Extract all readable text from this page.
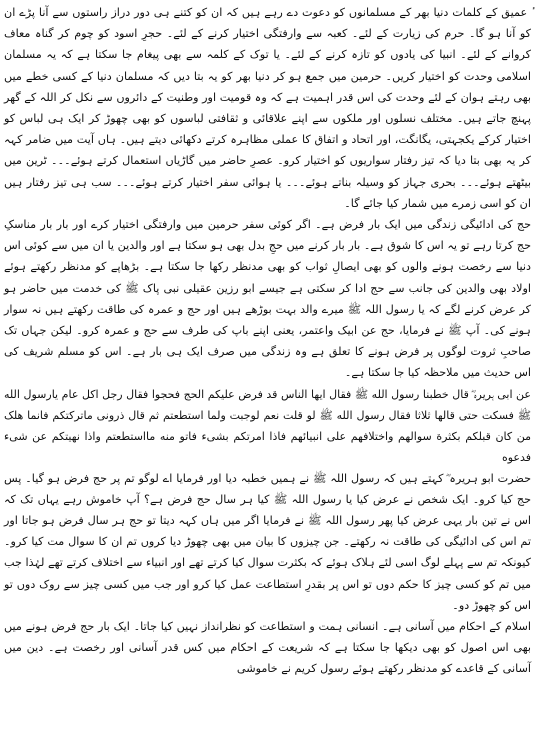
ٔ عمیق کے کلمات دنیا بھر کے مسلمانوں کو دعوت دے رہے ہیں کہ ان کو کتنے ہی دور دراز راستوں سے آنا پڑے ان کو آنا ہو گا۔ حرم کی زیارت کے لئے۔ کعبہ سے وارفتگی اختیار کرنے کے لئے۔ حجرِ اسود کو چوم کر گناہ معاف کروانے کے لئے۔ انبیا کی یادوں کو تازہ کرنے کے لئے۔ یا توک کے کلمہ سے بھی پیغام جا سکتا ہے کہ یہ مسلمان اسلامی وحدت کو اختیار کریں۔ حرمین میں جمع ہو کر دنیا بھر کو یہ بتا دیں کہ مسلمان دنیا کے کسی خطے میں بھی رہتے ہوان کے لئے وحدت کی اس قدر اہمیت ہے کہ وہ قومیت اور وطنیت کے دائروں سے نکل کر اللہ کے گھر پہنچ جاتے ہیں۔ مختلف نسلوں اور ملکوں سے اپنے علاقائی و ثقافتی لباسوں کو بھی چھوڑ کر ایک ہی لباس کو اختیار کرکے یکجہتی، یگانگت، اور اتحاد و اتفاق کا عملی مظاہرہ کرتے دکھائی دیتے ہیں۔ ہاں آیت میں ضامر کہہ کر یہ بھی بتا دیا کہ تیز رفتار سواریوں کو اختیار کرو۔ عصرِ حاضر میں گاڑیاں استعمال کرتے ہوئے۔۔۔ ٹرین میں بیٹھتے ہوئے۔۔۔ بحری جہاز کو وسیلہ بناتے ہوئے۔۔۔ یا ہوائی سفر اختیار کرتے ہوئے۔۔۔ سب ہی تیز رفتار ہیں ان کو اسی زمرے میں شمار کیا جائے گا۔

حج کی ادائیگی زندگی میں ایک بار فرض ہے۔ اگر کوئی سفر حرمین میں وارفتگی اختیار کرے اور بار بار مناسکِ حج کرتا رہے تو یہ اس کا شوق ہے۔ بار بار کرنے میں حجِ بدل بھی ہو سکتا ہے اور والدین یا ان میں سے کوئی اس دنیا سے رخصت ہونے والوں کو بھی ایصالِ ثواب کو بھی مدنظر رکھا جا سکتا ہے۔ بڑھاپے کو مدنظر رکھتے ہوئے اولاد بھی والدین کی جانب سے حج ادا کر سکتی ہے جیسے ابو رزین عقیلی نبی پاک ﷺ کی خدمت میں حاضر ہو کر عرض کرنے لگے کہ یا رسول اللہ ﷺ میرے والد بہت بوڑھے ہیں اور حج و عمرہ کی طاقت رکھتے ہیں نہ سوار ہونے کی۔ آپ ﷺ نے فرمایا، حج عن ابیک واعتمر، یعنی اپنے باپ کی طرف سے حج و عمرہ کرو۔ لیکن جہاں تک صاحبِ ثروت لوگوں پر فرض ہونے کا تعلق ہے وہ زندگی میں صرف ایک ہی بار ہے۔ اس کو مسلم شریف کی اس حدیث میں ملاحظہ کیا جا سکتا ہے۔

عن ابی ہریرہ ؓ قال خطبنا رسول الله ﷺ فقال ایها الناس قد فرض علیکم الحج فحجوا فقال رجل اکل عام یارسول الله ﷺ فسکت حتی قالها ثلاثا فقال رسول الله ﷺ لو قلت نعم لوجبت ولما استطعتم ثم قال ذرونی ماترکتکم فانما هلک من کان قبلکم بکثرة سوالهم واختلافهم علی انبیائهم فاذا امرتکم بشیء فاتو منه مااستطعتم واذا نهیتکم عن شیء فدعوه

حضرت ابو ہریرہ ؓ کہتے ہیں کہ رسول اللہ ﷺ نے ہمیں خطبہ دیا اور فرمایا اے لوگو تم پر حج فرض ہو گیا۔ پس حج کیا کرو۔ ایک شخص نے عرض کیا یا رسول اللہ ﷺ کیا ہر سال حج فرض ہے؟ آپ خاموش رہے یہاں تک کہ اس نے تین بار یہی عرض کیا پھر رسول اللہ ﷺ نے فرمایا اگر میں ہاں کہہ دیتا تو حج ہر سال فرض ہو جاتا اور تم اس کی ادائیگی کی طاقت نہ رکھتے۔ جن چیزوں کا بیان میں بھی چھوڑ دیا کروں تم ان کا سوال مت کیا کرو۔ کیونکہ تم سے پہلے لوگ اسی لئے ہلاک ہوئے کہ بکثرت سوال کیا کرتے تھے اور انبیاء سے اختلاف کرتے تھے لہٰذا جب میں تم کو کسی چیز کا حکم دوں تو اس پر بقدرِ استطاعت عمل کیا کرو اور جب میں کسی چیز سے روک دوں تو اس کو چھوڑ دو۔

اسلام کے احکام میں آسانی ہے۔ انسانی ہمت و استطاعت کو نظرانداز نہیں کیا جاتا۔ ایک بار حج فرض ہونے میں بھی اس اصول کو بھی دیکھا جا سکتا ہے کہ شریعت کے احکام میں کس قدر آسانی اور رخصت ہے۔ دین میں آسانی کے قاعدے کو مدنظر رکھتے ہوئے رسول کریم نے خاموشی
